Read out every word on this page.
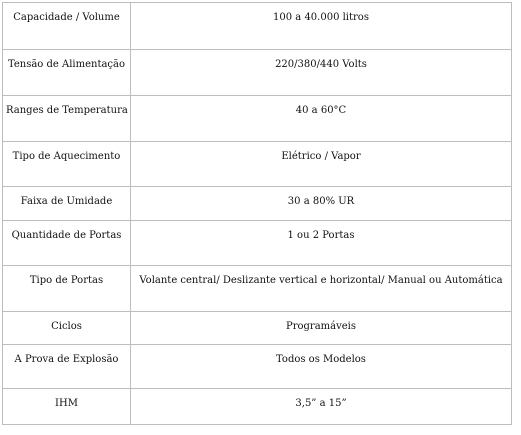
Capacidade / Volume	100 a 40.000 litros
Tensão de Alimentação	220/380/440 Volts
Ranges de Temperatura	40 a 60°C
Tipo de Aquecimento	Elétrico / Vapor
Faixa de Umidade	30 a 80% UR
Quantidade de Portas	1 ou 2 Portas
Tipo de Portas	Volante central/ Deslizante vertical e horizontal/ Manual ou Automática
Ciclos	Programáveis
A Prova de Explosão	Todos os Modelos
IHM	3,5” a 15”
